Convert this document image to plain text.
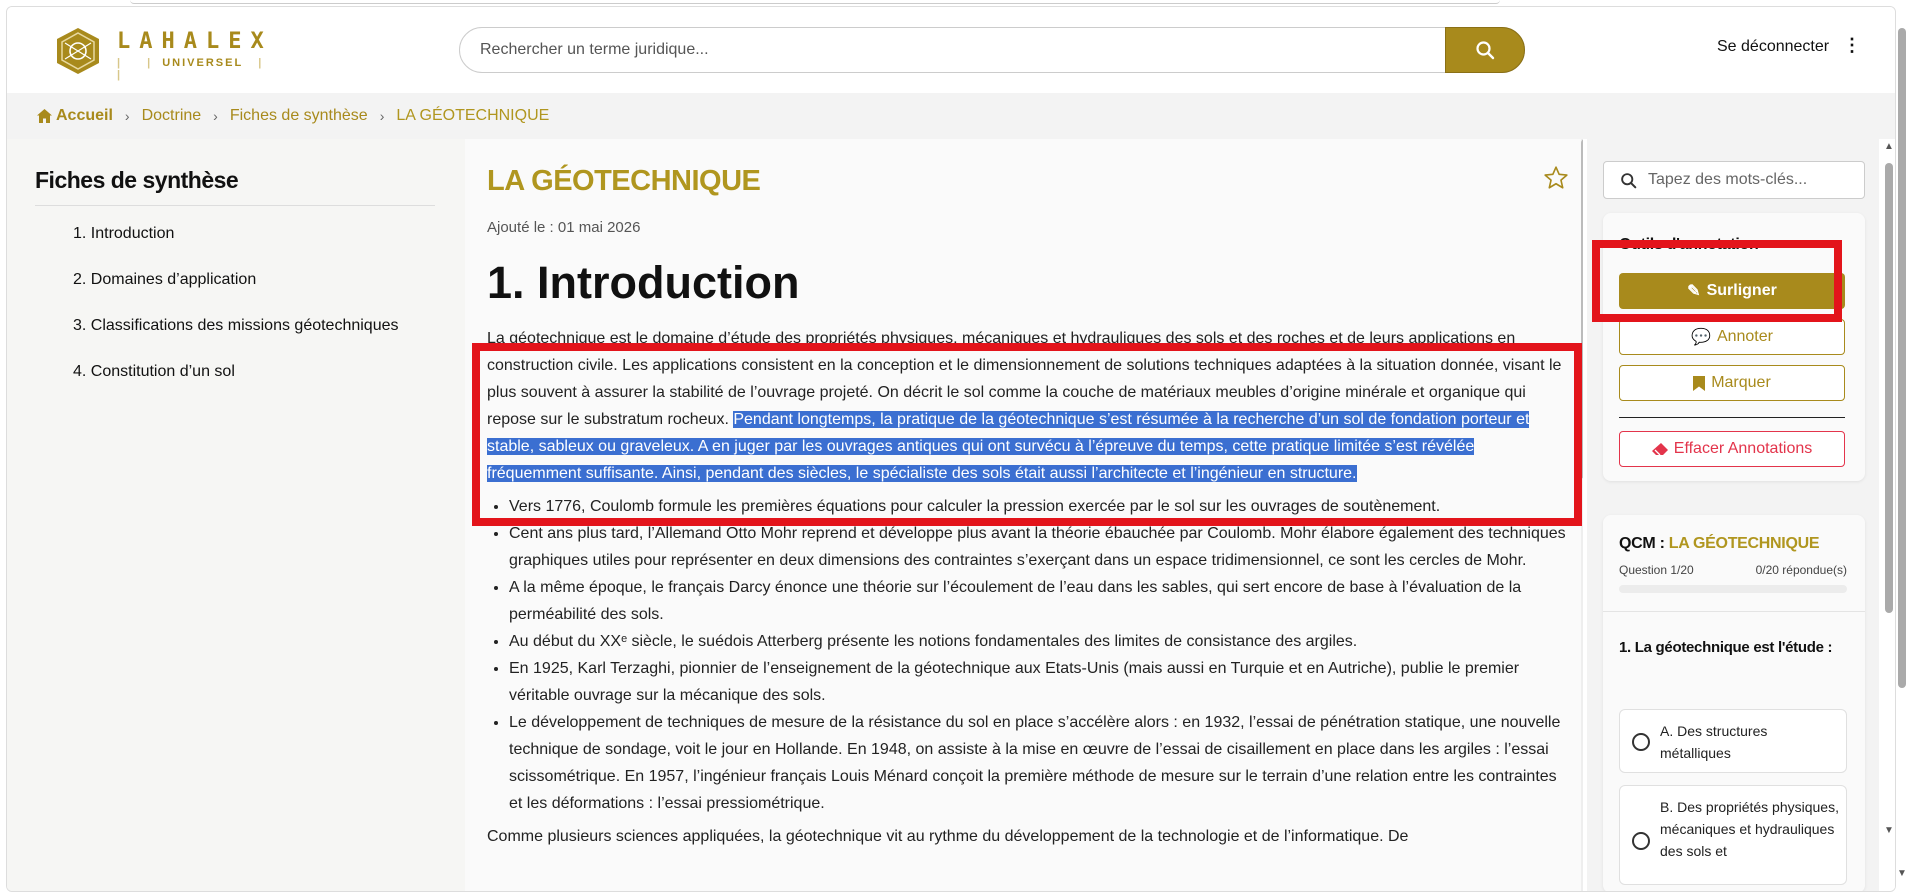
LAHALEX
| |UNIVERSEL | |
Rechercher un terme juridique...
Se déconnecter ⋮
Accueil › Doctrine › Fiches de synthèse › LA GÉOTECHNIQUE
Fiches de synthèse
1. Introduction
2. Domaines d’application
3. Classifications des missions géotechniques
4. Constitution d’un sol
LA GÉOTECHNIQUE
Ajouté le : 01 mai 2026
1. Introduction

La géotechnique est le domaine d’étude des propriétés physiques, mécaniques et hydrauliques des sols et des roches et de leurs applications en construction civile. Les applications consistent en la conception et le dimensionnement de solutions techniques adaptées à la situation donnée, visant le plus souvent à assurer la stabilité de l’ouvrage projeté. On décrit le sol comme la couche de matériaux meubles d’origine minérale et organique qui repose sur le substratum rocheux. Pendant longtemps, la pratique de la géotechnique s’est résumée à la recherche d’un sol de fondation porteur et stable, sableux ou graveleux. A en juger par les ouvrages antiques qui ont survécu à l’épreuve du temps, cette pratique limitée s’est révélée fréquemment suffisante. Ainsi, pendant des siècles, le spécialiste des sols était aussi l’architecte et l’ingénieur en structure.

• Vers 1776, Coulomb formule les premières équations pour calculer la pression exercée par le sol sur les ouvrages de soutènement.
• Cent ans plus tard, l’Allemand Otto Mohr reprend et développe plus avant la théorie ébauchée par Coulomb. Mohr élabore également des techniques graphiques utiles pour représenter en deux dimensions des contraintes s’exerçant dans un espace tridimensionnel, ce sont les cercles de Mohr.
• A la même époque, le français Darcy énonce une théorie sur l’écoulement de l’eau dans les sables, qui sert encore de base à l’évaluation de la perméabilité des sols.
• Au début du XXᵉ siècle, le suédois Atterberg présente les notions fondamentales des limites de consistance des argiles.
• En 1925, Karl Terzaghi, pionnier de l’enseignement de la géotechnique aux Etats-Unis (mais aussi en Turquie et en Autriche), publie le premier véritable ouvrage sur la mécanique des sols.
• Le développement de techniques de mesure de la résistance du sol en place s’accélère alors : en 1932, l’essai de pénétration statique, une nouvelle technique de sondage, voit le jour en Hollande. En 1948, on assiste à la mise en œuvre de l’essai de cisaillement en place dans les argiles : l’essai scissométrique. En 1957, l’ingénieur français Louis Ménard conçoit la première méthode de mesure sur le terrain d’une relation entre les contraintes et les déformations : l’essai pressiométrique.

Comme plusieurs sciences appliquées, la géotechnique vit au rythme du développement de la technologie et de l’informatique. De

Tapez des mots-clés...
Outils d'annotation
✎ Surligner
💬 Annoter
Marquer
Effacer Annotations
QCM : LA GÉOTECHNIQUE
Question 1/20	0/20 répondue(s)
1. La géotechnique est l'étude :
A. Des structures métalliques
B. Des propriétés physiques, mécaniques et hydrauliques des sols et
▲
▼
▼
